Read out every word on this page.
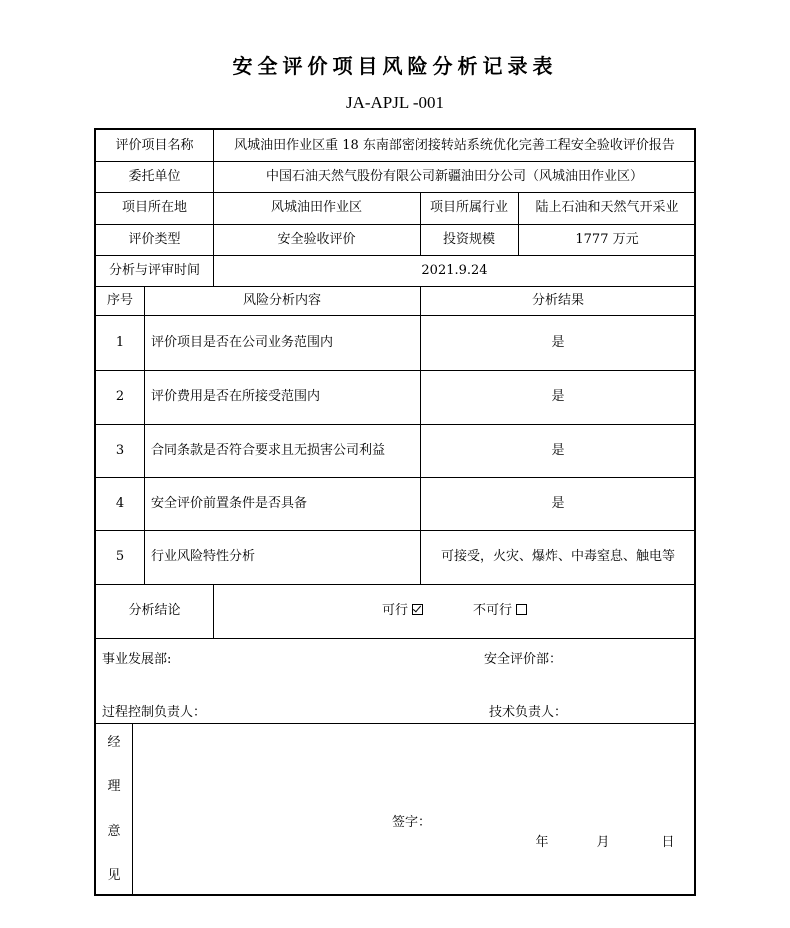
安全评价项目风险分析记录表
JA-APJL -001
评价项目名称	风城油田作业区重 18 东南部密闭接转站系统优化完善工程安全验收评价报告
委托单位	中国石油天然气股份有限公司新疆油田分公司（风城油田作业区）
项目所在地	风城油田作业区	项目所属行业	陆上石油和天然气开采业
评价类型	安全验收评价	投资规模	1777 万元
分析与评审时间	2021.9.24
序号	风险分析内容	分析结果
1	评价项目是否在公司业务范围内	是
2	评价费用是否在所接受范围内	是
3	合同条款是否符合要求且无损害公司利益	是
4	安全评价前置条件是否具备	是
5	行业风险特性分析	可接受，火灾、爆炸、中毒窒息、触电等
分析结论	可行	不可行
事业发展部:	安全评价部：
过程控制负责人：	技术负责人：
经
理
意
见
签字：
年	月	日
